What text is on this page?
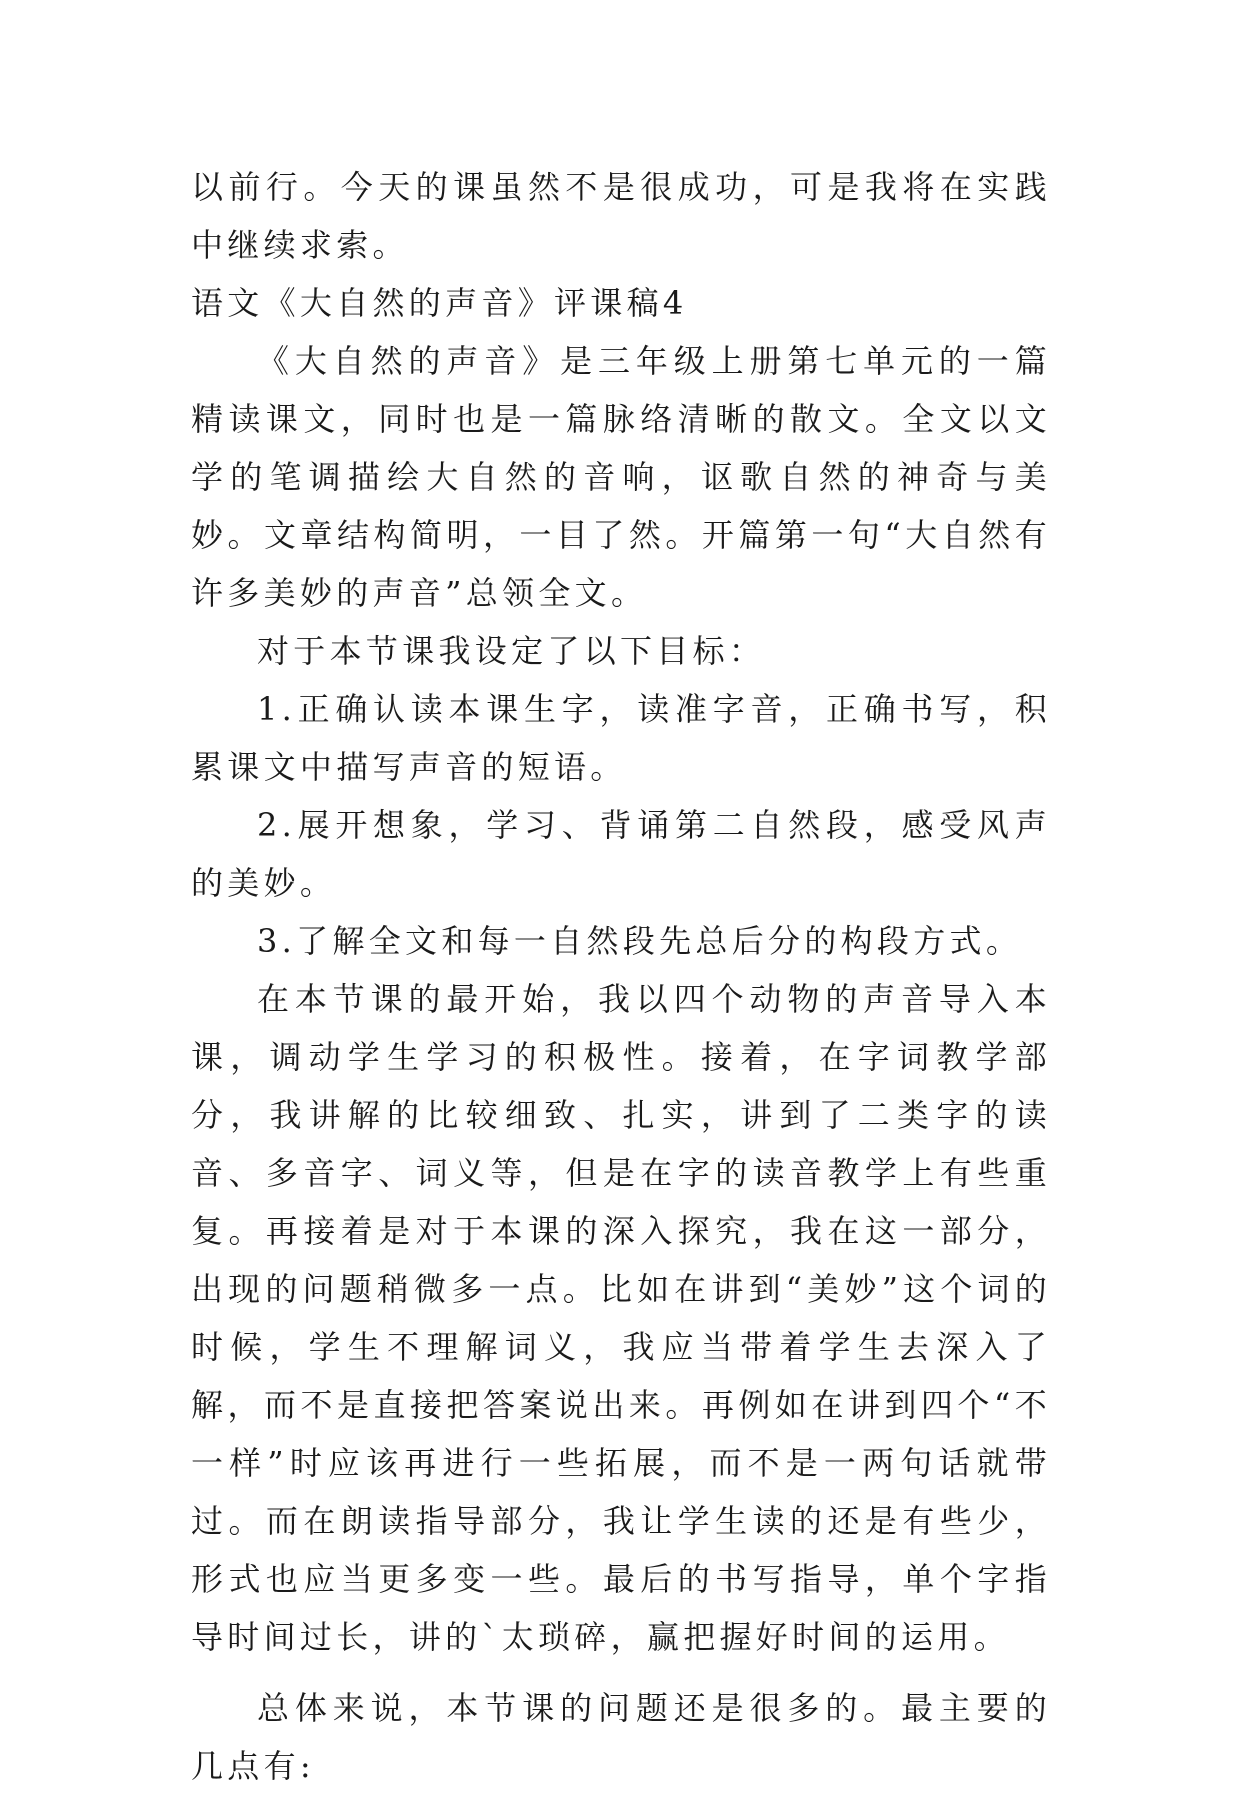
以前行。今天的课虽然不是很成功，可是我将在实践中继续求索。

语文《大自然的声音》评课稿4

《大自然的声音》是三年级上册第七单元的一篇精读课文，同时也是一篇脉络清晰的散文。全文以文学的笔调描绘大自然的音响，讴歌自然的神奇与美妙。文章结构简明，一目了然。开篇第一句“大自然有许多美妙的声音”总领全文。

对于本节课我设定了以下目标：

1.正确认读本课生字，读准字音，正确书写，积累课文中描写声音的短语。

2.展开想象，学习、背诵第二自然段，感受风声的美妙。

3.了解全文和每一自然段先总后分的构段方式。

在本节课的最开始，我以四个动物的声音导入本课，调动学生学习的积极性。接着，在字词教学部分，我讲解的比较细致、扎实，讲到了二类字的读音、多音字、词义等，但是在字的读音教学上有些重复。再接着是对于本课的深入探究，我在这一部分，出现的问题稍微多一点。比如在讲到“美妙”这个词的时候，学生不理解词义，我应当带着学生去深入了解，而不是直接把答案说出来。再例如在讲到四个“不一样”时应该再进行一些拓展，而不是一两句话就带过。而在朗读指导部分，我让学生读的还是有些少，形式也应当更多变一些。最后的书写指导，单个字指导时间过长，讲的`太琐碎，赢把握好时间的运用。

总体来说，本节课的问题还是很多的。最主要的几点有:
